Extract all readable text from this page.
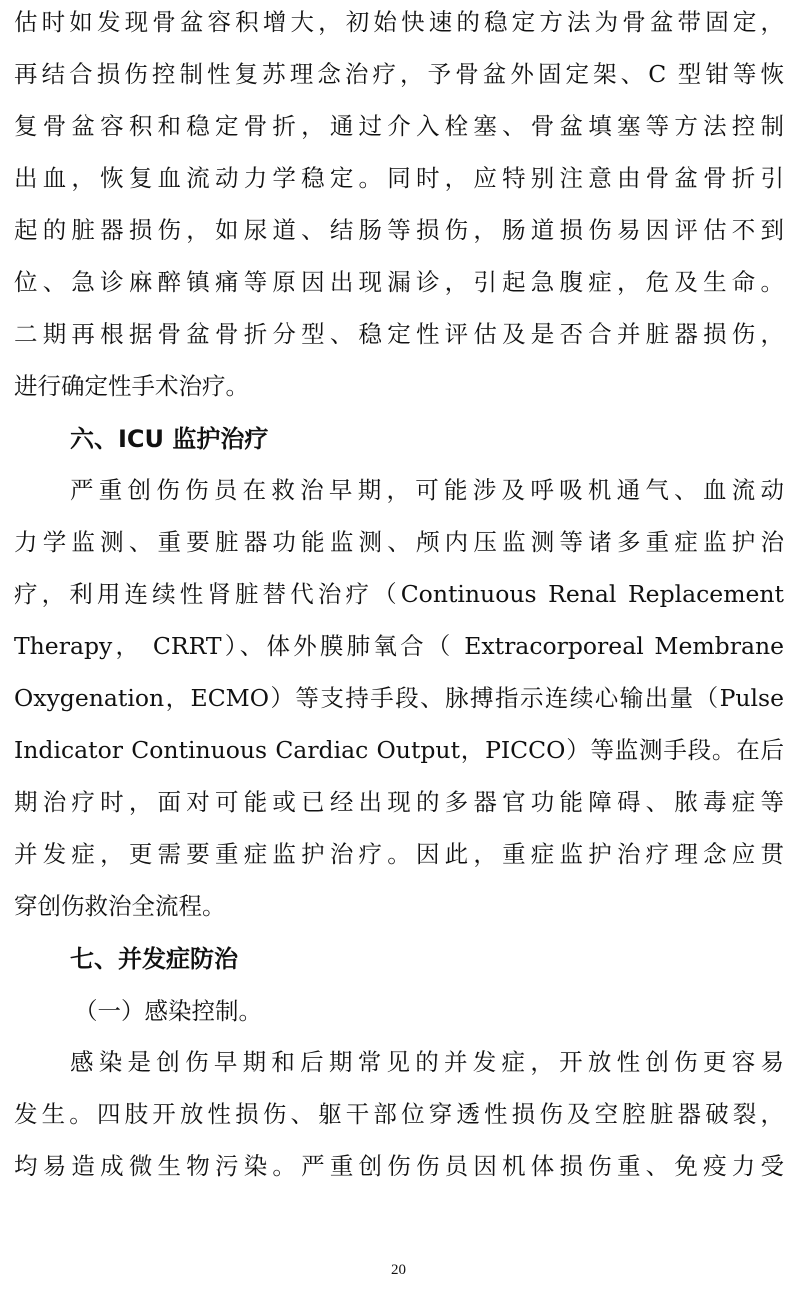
估时如发现骨盆容积增大，初始快速的稳定方法为骨盆带固定，
再结合损伤控制性复苏理念治疗，予骨盆外固定架、C 型钳等恢
复骨盆容积和稳定骨折，通过介入栓塞、骨盆填塞等方法控制
出血，恢复血流动力学稳定。同时，应特别注意由骨盆骨折引
起的脏器损伤，如尿道、结肠等损伤，肠道损伤易因评估不到
位、急诊麻醉镇痛等原因出现漏诊，引起急腹症，危及生命。
二期再根据骨盆骨折分型、稳定性评估及是否合并脏器损伤，
进行确定性手术治疗。
六、ICU 监护治疗
严重创伤伤员在救治早期，可能涉及呼吸机通气、血流动
力学监测、重要脏器功能监测、颅内压监测等诸多重症监护治
疗，利用连续性肾脏替代治疗（Continuous Renal Replacement
Therapy， CRRT）、体外膜肺氧合（ Extracorporeal Membrane
Oxygenation，ECMO）等支持手段、脉搏指示连续心输出量（Pulse
Indicator Continuous Cardiac Output，PICCO）等监测手段。在后
期治疗时，面对可能或已经出现的多器官功能障碍、脓毒症等
并发症，更需要重症监护治疗。因此，重症监护治疗理念应贯
穿创伤救治全流程。
七、并发症防治
（一）感染控制。
感染是创伤早期和后期常见的并发症，开放性创伤更容易
发生。四肢开放性损伤、躯干部位穿透性损伤及空腔脏器破裂，
均易造成微生物污染。严重创伤伤员因机体损伤重、免疫力受
20
